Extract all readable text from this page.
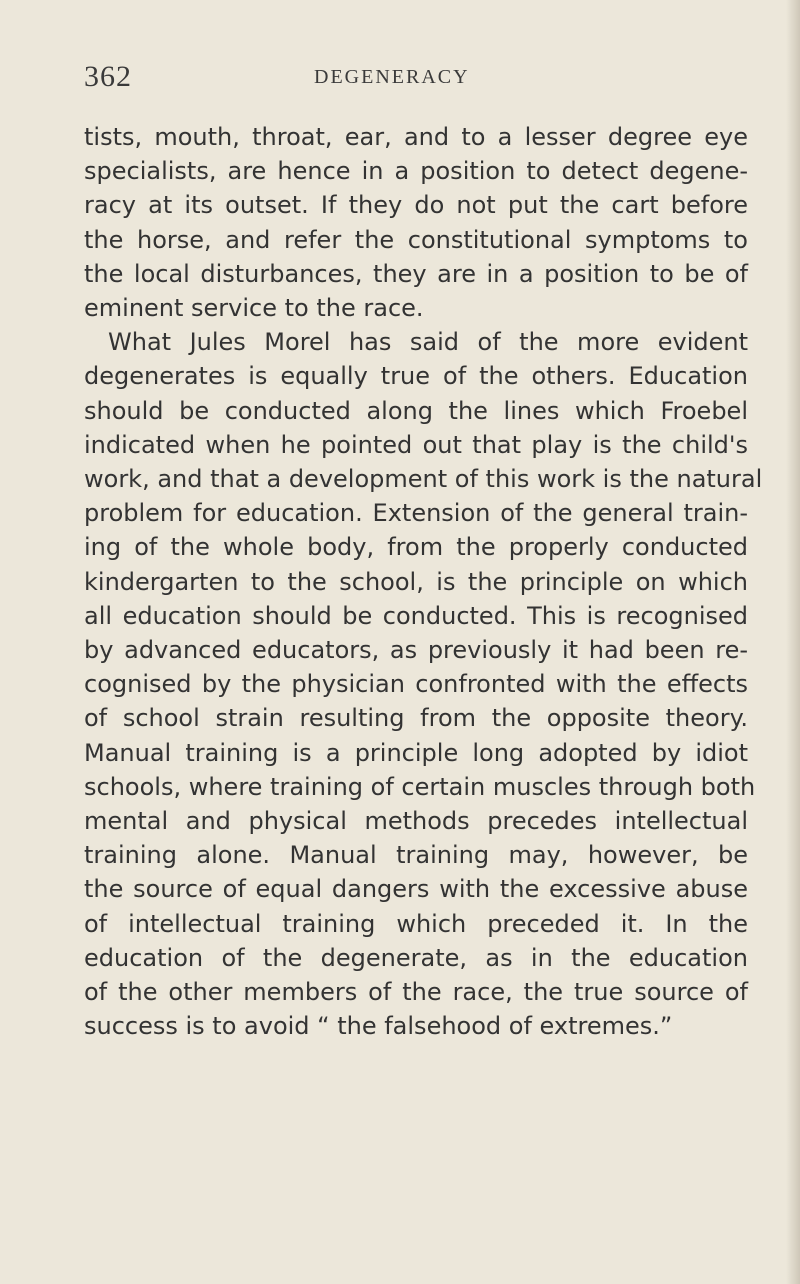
362	DEGENERACY
tists, mouth, throat, ear, and to a lesser degree eye
specialists, are hence in a position to detect degene-
racy at its outset. If they do not put the cart before
the horse, and refer the constitutional symptoms to
the local disturbances, they are in a position to be of
eminent service to the race.
What Jules Morel has said of the more evident
degenerates is equally true of the others. Education
should be conducted along the lines which Froebel
indicated when he pointed out that play is the child's
work, and that a development of this work is the natural
problem for education. Extension of the general train-
ing of the whole body, from the properly conducted
kindergarten to the school, is the principle on which
all education should be conducted. This is recognised
by advanced educators, as previously it had been re-
cognised by the physician confronted with the effects
of school strain resulting from the opposite theory.
Manual training is a principle long adopted by idiot
schools, where training of certain muscles through both
mental and physical methods precedes intellectual
training alone. Manual training may, however, be
the source of equal dangers with the excessive abuse
of intellectual training which preceded it. In the
education of the degenerate, as in the education
of the other members of the race, the true source of
success is to avoid “ the falsehood of extremes.”
